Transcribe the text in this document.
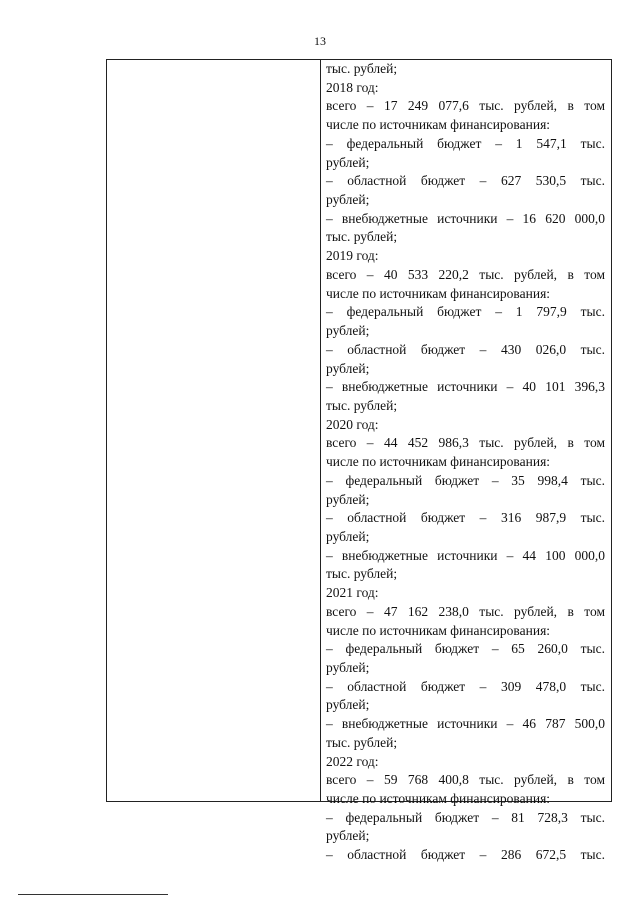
13
тыс. рублей;
2018 год:
всего – 17 249 077,6 тыс. рублей, в том
числе по источникам финансирования:
– федеральный бюджет – 1 547,1 тыс.
рублей;
– областной бюджет – 627 530,5 тыс.
рублей;
– внебюджетные источники – 16 620 000,0
тыс. рублей;
2019 год:
всего – 40 533 220,2 тыс. рублей, в том
числе по источникам финансирования:
– федеральный бюджет – 1 797,9 тыс.
рублей;
– областной бюджет – 430 026,0 тыс.
рублей;
– внебюджетные источники – 40 101 396,3
тыс. рублей;
2020 год:
всего – 44 452 986,3 тыс. рублей, в том
числе по источникам финансирования:
– федеральный бюджет – 35 998,4 тыс.
рублей;
– областной бюджет – 316 987,9 тыс.
рублей;
– внебюджетные источники – 44 100 000,0
тыс. рублей;
2021 год:
всего – 47 162 238,0 тыс. рублей, в том
числе по источникам финансирования:
– федеральный бюджет – 65 260,0 тыс.
рублей;
– областной бюджет – 309 478,0 тыс.
рублей;
– внебюджетные источники – 46 787 500,0
тыс. рублей;
2022 год:
всего – 59 768 400,8 тыс. рублей, в том
числе по источникам финансирования:
– федеральный бюджет – 81 728,3 тыс.
рублей;
– областной бюджет – 286 672,5 тыс.
